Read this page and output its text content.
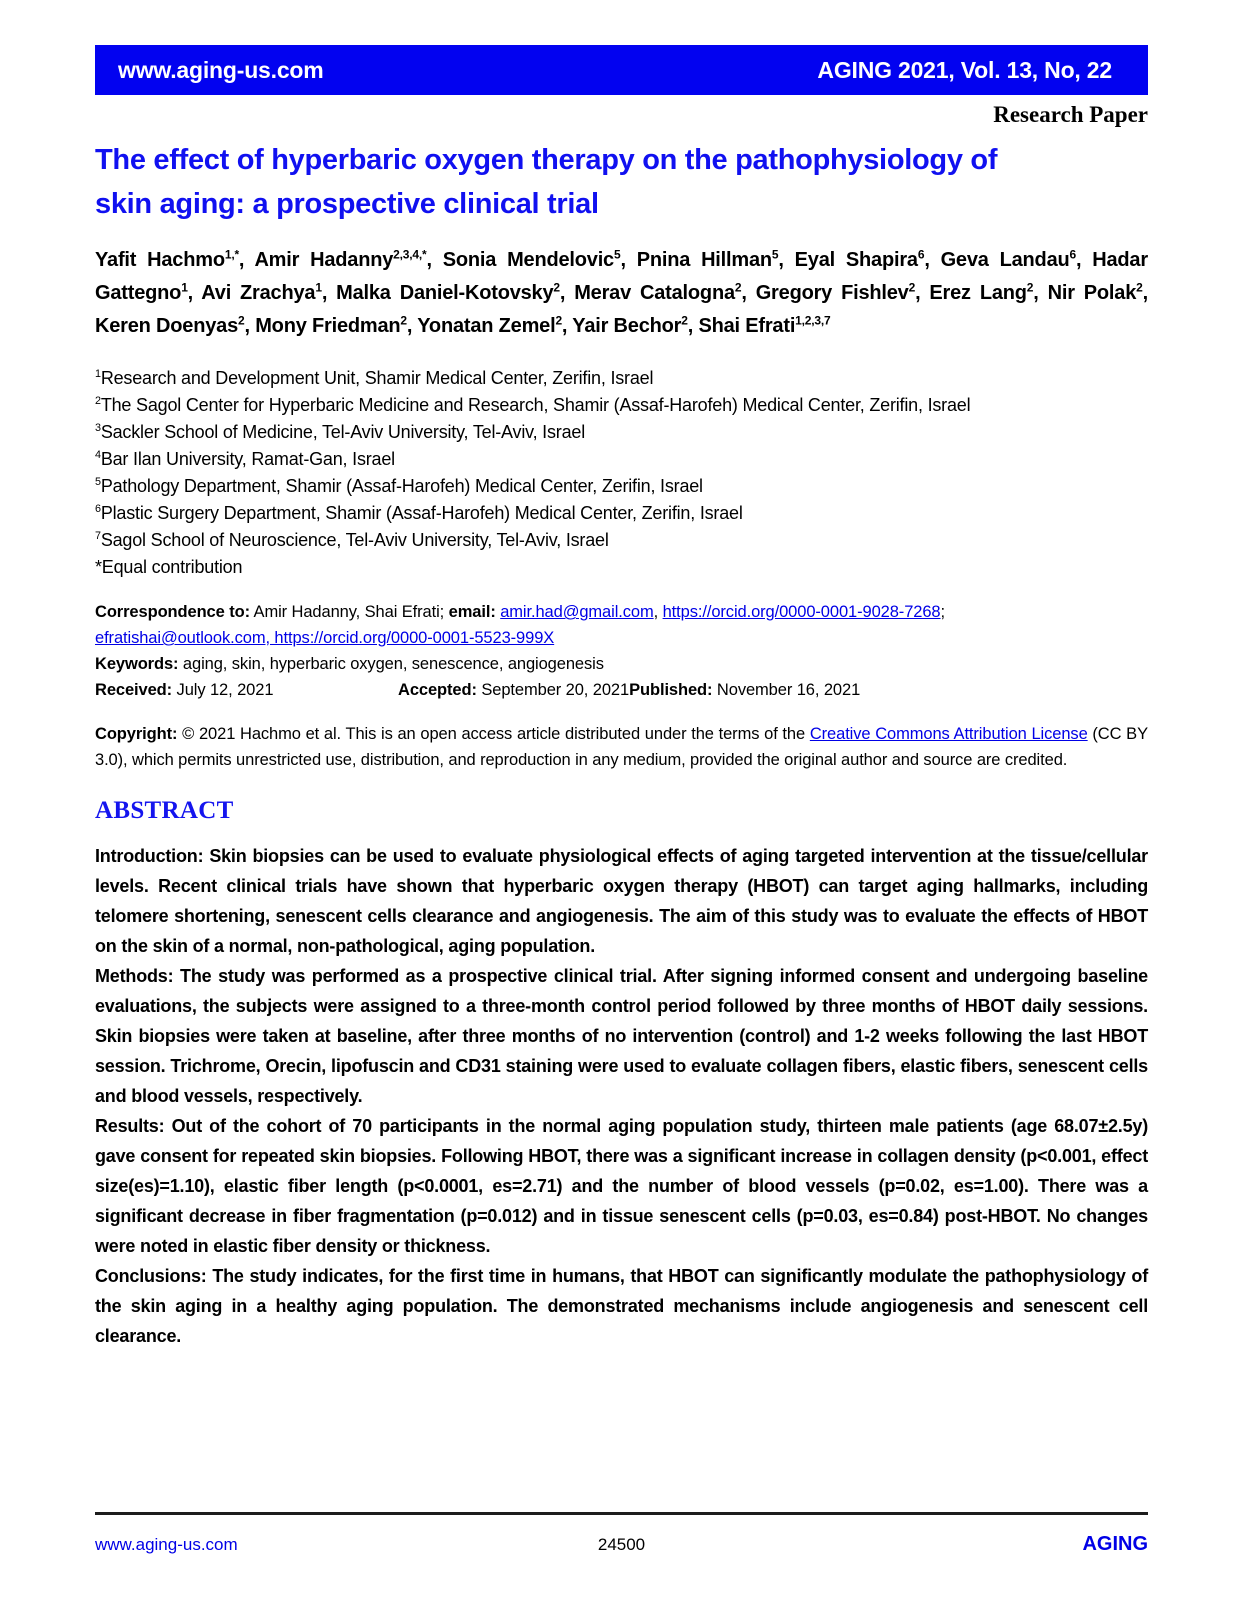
www.aging-us.com	AGING 2021, Vol. 13, No, 22
Research Paper
The effect of hyperbaric oxygen therapy on the pathophysiology of
skin aging: a prospective clinical trial

Yafit Hachmo$^{1,*}$, Amir Hadanny$^{2,3,4,*}$, Sonia Mendelovic$^5$, Pnina Hillman$^5$, Eyal Shapira$^6$, Geva Landau$^6$, Hadar Gattegno$^1$, Avi Zrachya$^1$, Malka Daniel-Kotovsky$^2$, Merav Catalogna$^2$, Gregory Fishlev$^2$, Erez Lang$^2$, Nir Polak$^2$, Keren Doenyas$^2$, Mony Friedman$^2$, Yonatan Zemel$^2$, Yair Bechor$^2$, Shai Efrati$^{1,2,3,7}$

$^1$Research and Development Unit, Shamir Medical Center, Zerifin, Israel
$^2$The Sagol Center for Hyperbaric Medicine and Research, Shamir (Assaf-Harofeh) Medical Center, Zerifin, Israel
$^3$Sackler School of Medicine, Tel-Aviv University, Tel-Aviv, Israel
$^4$Bar Ilan University, Ramat-Gan, Israel
$^5$Pathology Department, Shamir (Assaf-Harofeh) Medical Center, Zerifin, Israel
$^6$Plastic Surgery Department, Shamir (Assaf-Harofeh) Medical Center, Zerifin, Israel
$^7$Sagol School of Neuroscience, Tel-Aviv University, Tel-Aviv, Israel
*Equal contribution

Correspondence to: Amir Hadanny, Shai Efrati; email: amir.had@gmail.com, https://orcid.org/0000-0001-9028-7268;
efratishai@outlook.com, https://orcid.org/0000-0001-5523-999X

Keywords: aging, skin, hyperbaric oxygen, senescence, angiogenesis

Received: July 12, 2021	Accepted: September 20, 2021 Published: November 16, 2021

Copyright: © 2021 Hachmo et al. This is an open access article distributed under the terms of the Creative Commons Attribution License (CC BY 3.0), which permits unrestricted use, distribution, and reproduction in any medium, provided the original author and source are credited.

ABSTRACT

Introduction: Skin biopsies can be used to evaluate physiological effects of aging targeted intervention at the tissue/cellular levels. Recent clinical trials have shown that hyperbaric oxygen therapy (HBOT) can target aging hallmarks, including telomere shortening, senescent cells clearance and angiogenesis. The aim of this study was to evaluate the effects of HBOT on the skin of a normal, non-pathological, aging population.

Methods: The study was performed as a prospective clinical trial. After signing informed consent and undergoing baseline evaluations, the subjects were assigned to a three-month control period followed by three months of HBOT daily sessions. Skin biopsies were taken at baseline, after three months of no intervention (control) and 1-2 weeks following the last HBOT session. Trichrome, Orecin, lipofuscin and CD31 staining were used to evaluate collagen fibers, elastic fibers, senescent cells and blood vessels, respectively.

Results: Out of the cohort of 70 participants in the normal aging population study, thirteen male patients (age 68.07±2.5y) gave consent for repeated skin biopsies. Following HBOT, there was a significant increase in collagen density (p<0.001, effect size(es)=1.10), elastic fiber length (p<0.0001, es=2.71) and the number of blood vessels (p=0.02, es=1.00). There was a significant decrease in fiber fragmentation (p=0.012) and in tissue senescent cells (p=0.03, es=0.84) post-HBOT. No changes were noted in elastic fiber density or thickness.

Conclusions: The study indicates, for the first time in humans, that HBOT can significantly modulate the pathophysiology of the skin aging in a healthy aging population. The demonstrated mechanisms include angiogenesis and senescent cell clearance.

www.aging-us.com	24500	AGING
